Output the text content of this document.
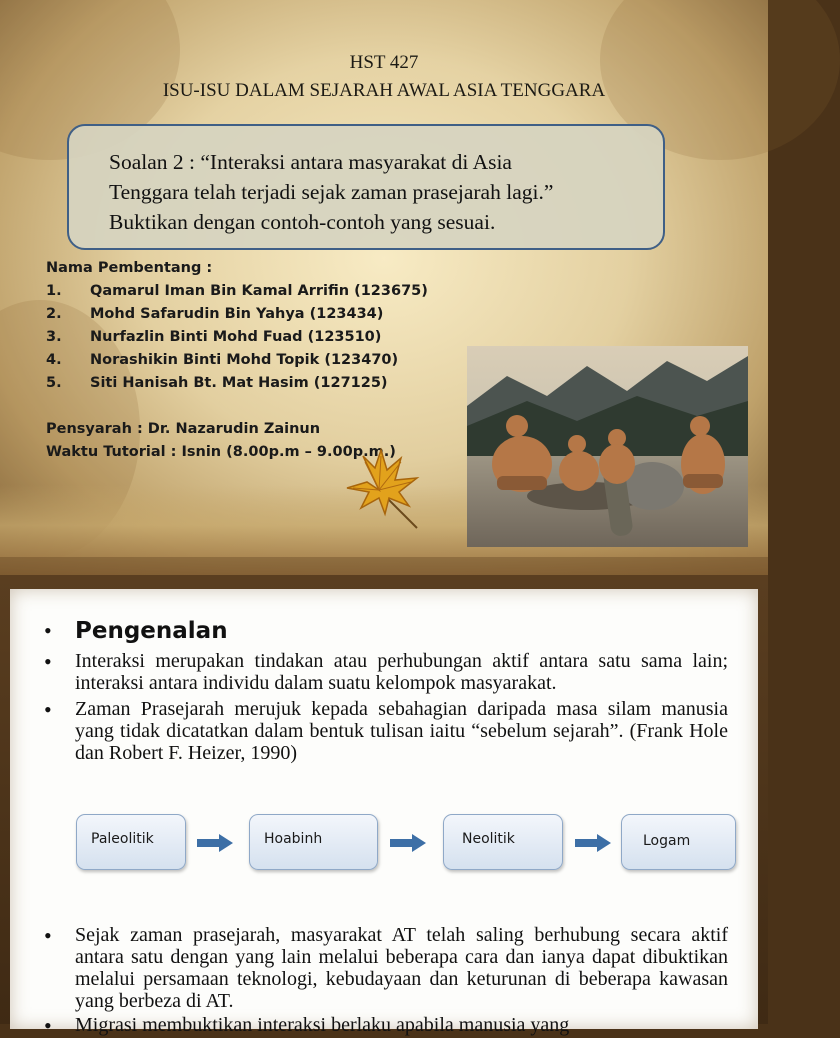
HST 427
ISU-ISU DALAM SEJARAH AWAL ASIA TENGGARA
Soalan 2 : “Interaksi antara masyarakat di Asia
Tenggara telah terjadi sejak zaman prasejarah lagi.”
Buktikan dengan contoh-contoh yang sesuai.
Nama Pembentang :
1. Qamarul Iman Bin Kamal Arrifin (123675)
2. Mohd Safarudin Bin Yahya (123434)
3. Nurfazlin Binti Mohd Fuad (123510)
4. Norashikin Binti Mohd Topik (123470)
5. Siti Hanisah Bt. Mat Hasim (127125)
Pensyarah : Dr. Nazarudin Zainun
Waktu Tutorial : Isnin (8.00p.m – 9.00p.m.)
•	Pengenalan
•	Interaksi merupakan tindakan atau perhubungan aktif antara satu sama lain; interaksi antara individu dalam suatu kelompok masyarakat.
•	Zaman Prasejarah merujuk kepada sebahagian daripada masa silam manusia yang tidak dicatatkan dalam bentuk tulisan iaitu “sebelum sejarah”. (Frank Hole dan Robert F. Heizer, 1990)
Paleolitik	Hoabinh	Neolitik	Logam
•	Sejak zaman prasejarah, masyarakat AT telah saling berhubung secara aktif antara satu dengan yang lain melalui beberapa cara dan ianya dapat dibuktikan melalui persamaan teknologi, kebudayaan dan keturunan di beberapa kawasan yang berbeza di AT.
•	Migrasi membuktikan interaksi berlaku apabila manusia yang
